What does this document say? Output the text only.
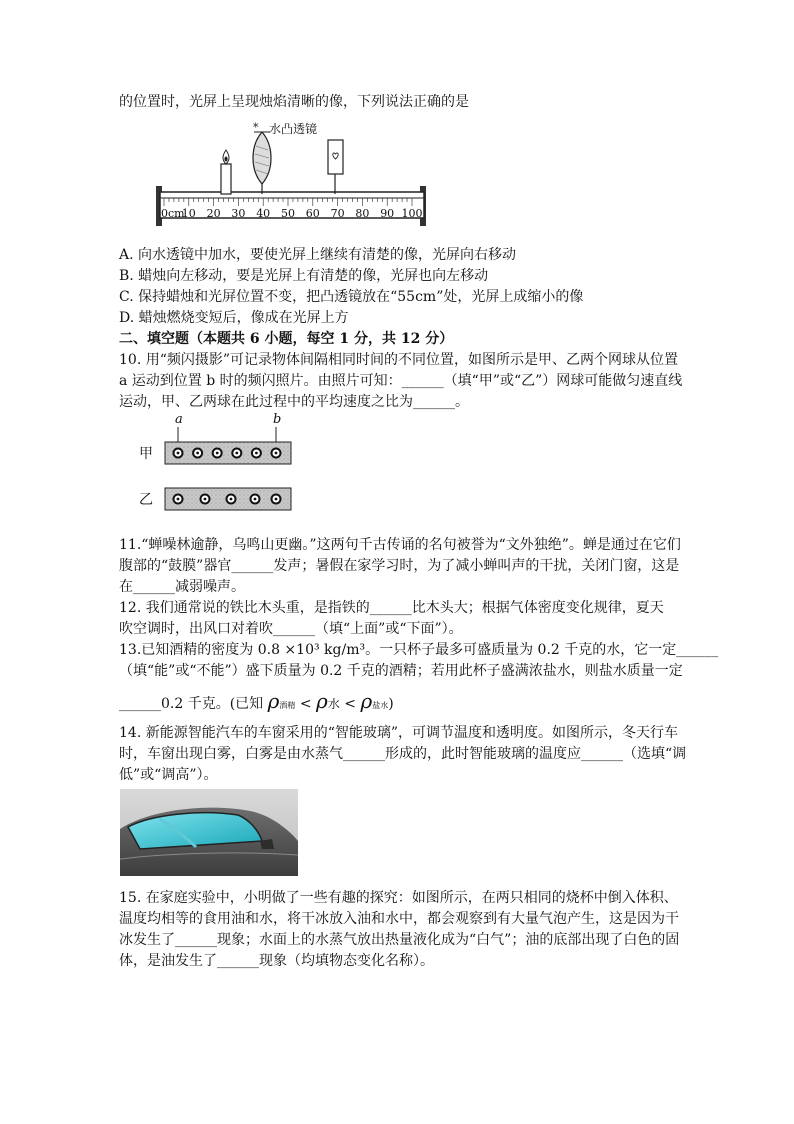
的位置时，光屏上呈现烛焰清晰的像，下列说法正确的是
0cm
10 20 30 40 50 60 70 80 90 100
* 水凸透镜
A. 向水透镜中加水，要使光屏上继续有清楚的像，光屏向右移动
B. 蜡烛向左移动，要是光屏上有清楚的像，光屏也向左移动
C. 保持蜡烛和光屏位置不变，把凸透镜放在“55cm”处，光屏上成缩小的像
D. 蜡烛燃烧变短后，像成在光屏上方
二、填空题（本题共 6 小题，每空 1 分，共 12 分）
10. 用“频闪摄影”可记录物体间隔相同时间的不同位置，如图所示是甲、乙两个网球从位置
a 运动到位置 b 时的频闪照片。由照片可知：______（填“甲”或“乙”）网球可能做匀速直线
运动，甲、乙两球在此过程中的平均速度之比为______。
a	b
甲
乙
11.“蝉噪林逾静，乌鸣山更幽。”这两句千古传诵的名句被誉为“文外独绝”。蝉是通过在它们
腹部的“鼓膜”器官______发声；暑假在家学习时，为了减小蝉叫声的干扰，关闭门窗，这是
在______减弱噪声。
12. 我们通常说的铁比木头重，是指铁的______比木头大；根据气体密度变化规律，夏天
吹空调时，出风口对着吹______（填“上面”或“下面”）。
13.已知酒精的密度为 0.8 ×10³ kg/m³。一只杯子最多可盛质量为 0.2 千克的水，它一定______
（填“能”或“不能”）盛下质量为 0.2 千克的酒精；若用此杯子盛满浓盐水，则盐水质量一定
______0.2 千克。(已知 ρ酒精 < ρ水 < ρ盐水)
14. 新能源智能汽车的车窗采用的“智能玻璃”，可调节温度和透明度。如图所示，冬天行车
时，车窗出现白雾，白雾是由水蒸气______形成的，此时智能玻璃的温度应______（选填“调
低”或“调高”）。
15. 在家庭实验中，小明做了一些有趣的探究：如图所示，在两只相同的烧杯中倒入体积、
温度均相等的食用油和水，将干冰放入油和水中，都会观察到有大量气泡产生，这是因为干
冰发生了______现象；水面上的水蒸气放出热量液化成为“白气”；油的底部出现了白色的固
体，是油发生了______现象（均填物态变化名称）。
